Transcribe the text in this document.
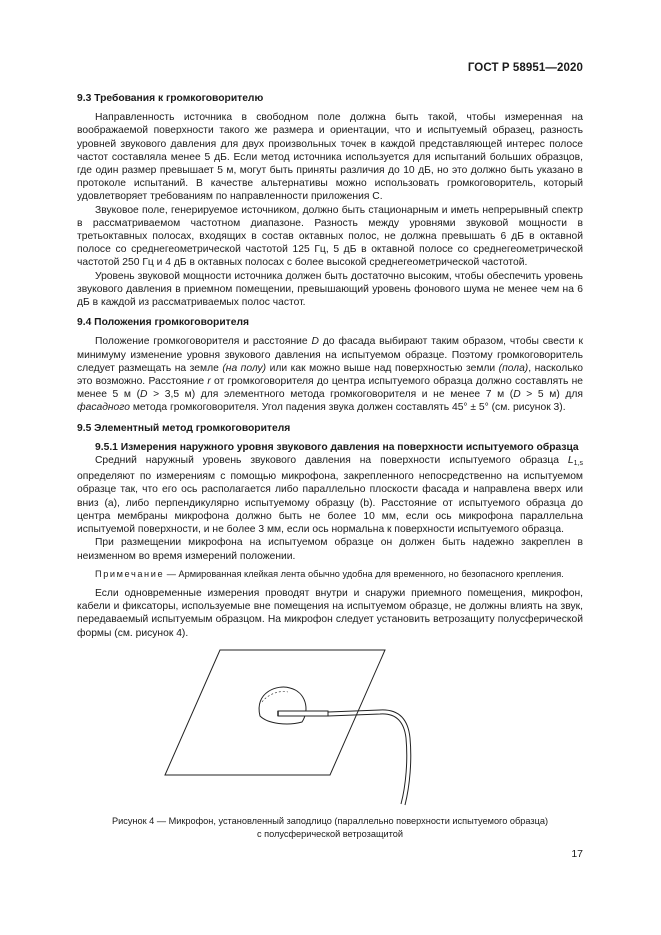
ГОСТ Р 58951—2020
9.3 Требования к громкоговорителю

Направленность источника в свободном поле должна быть такой, чтобы измеренная на воображаемой поверхности такого же размера и ориентации, что и испытуемый образец, разность уровней звукового давления для двух произвольных точек в каждой представляющей интерес полосе частот составляла менее 5 дБ. Если метод источника используется для испытаний больших образцов, где один размер превышает 5 м, могут быть приняты различия до 10 дБ, но это должно быть указано в протоколе испытаний. В качестве альтернативы можно использовать громкоговоритель, который удовлетворяет требованиям по направленности приложения С.

Звуковое поле, генерируемое источником, должно быть стационарным и иметь непрерывный спектр в рассматриваемом частотном диапазоне. Разность между уровнями звуковой мощности в третьоктавных полосах, входящих в состав октавных полос, не должна превышать 6 дБ в октавной полосе со среднегеометрической частотой 125 Гц, 5 дБ в октавной полосе со среднегеометрической частотой 250 Гц и 4 дБ в октавных полосах с более высокой среднегеометрической частотой.

Уровень звуковой мощности источника должен быть достаточно высоким, чтобы обеспечить уровень звукового давления в приемном помещении, превышающий уровень фонового шума не менее чем на 6 дБ в каждой из рассматриваемых полос частот.

9.4 Положения громкоговорителя

Положение громкоговорителя и расстояние D до фасада выбирают таким образом, чтобы свести к минимуму изменение уровня звукового давления на испытуемом образце. Поэтому громкоговоритель следует размещать на земле (на полу) или как можно выше над поверхностью земли (пола), насколько это возможно. Расстояние r от громкоговорителя до центра испытуемого образца должно составлять не менее 5 м (D > 3,5 м) для элементного метода громкоговорителя и не менее 7 м (D > 5 м) для фасадного метода громкоговорителя. Угол падения звука должен составлять 45° ± 5° (см. рисунок 3).

9.5 Элементный метод громкоговорителя

9.5.1 Измерения наружного уровня звукового давления на поверхности испытуемого образца

Средний наружный уровень звукового давления на поверхности испытуемого образца $L_{1,s}$ определяют по измерениям с помощью микрофона, закрепленного непосредственно на испытуемом образце так, что его ось располагается либо параллельно плоскости фасада и направлена вверх или вниз (а), либо перпендикулярно испытуемому образцу (b). Расстояние от испытуемого образца до центра мембраны микрофона должно быть не более 10 мм, если ось микрофона параллельна испытуемой поверхности, и не более 3 мм, если ось нормальна к поверхности испытуемого образца.

При размещении микрофона на испытуемом образце он должен быть надежно закреплен в неизменном во время измерений положении.

Примечание — Армированная клейкая лента обычно удобна для временного, но безопасного крепления.

Если одновременные измерения проводят внутри и снаружи приемного помещения, микрофон, кабели и фиксаторы, используемые вне помещения на испытуемом образце, не должны влиять на звук, передаваемый испытуемым образцом. На микрофон следует установить ветрозащиту полусферической формы (см. рисунок 4).

Рисунок 4 — Микрофон, установленный заподлицо (параллельно поверхности испытуемого образца)
с полусферической ветрозащитой
17
